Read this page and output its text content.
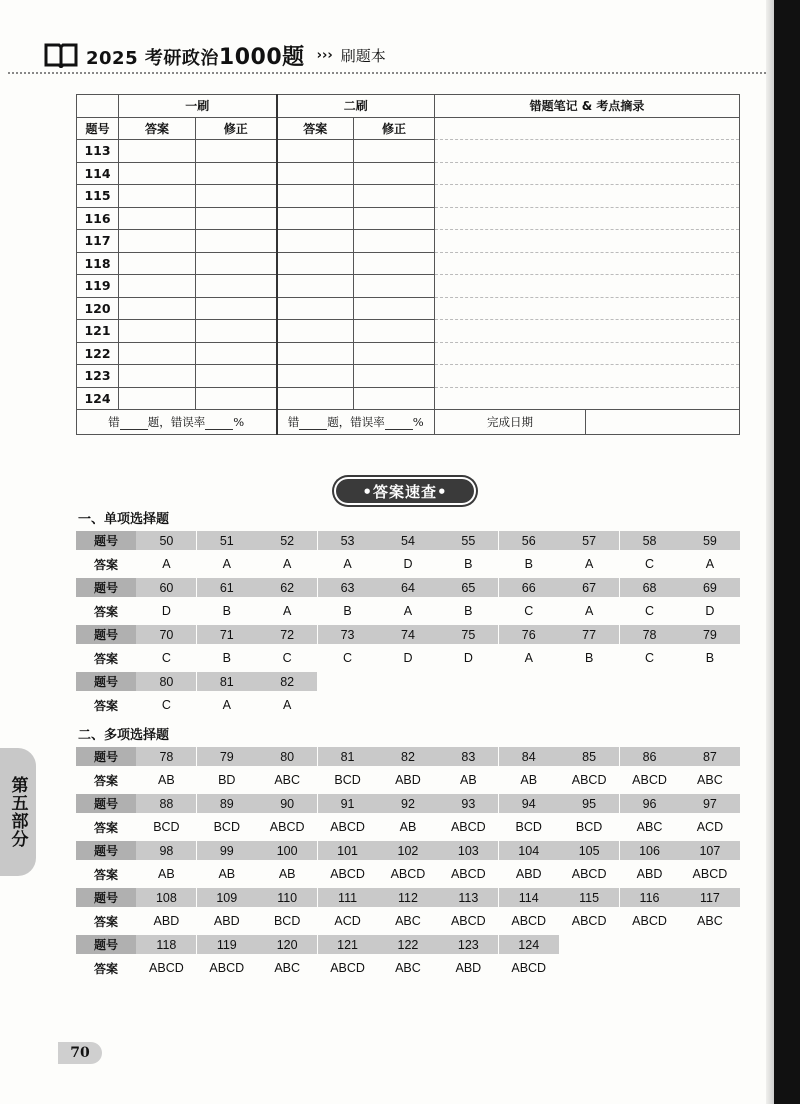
2025 考研政治1000题 ››› 刷题本
	一刷		二刷		错题笔记 & 考点摘录
题号	答案	修正	答案	修正	
113					
114					
115					
116					
117					
118					
119					
120					
121					
122					
123					
124					
错 题，错误率 %			错 题，错误率 %		完成日期
•答案速查•
一、单项选择题
题号	50	51	52	53	54	55	56	57	58	59
答案	A	A	A	A	D	B	B	A	C	A
题号	60	61	62	63	64	65	66	67	68	69
答案	D	B	A	B	A	B	C	A	C	D
题号	70	71	72	73	74	75	76	77	78	79
答案	C	B	C	C	D	D	A	B	C	B
题号	80	81	82
答案	C	A	A
二、多项选择题
题号	78	79	80	81	82	83	84	85	86	87
答案	AB	BD	ABC	BCD	ABD	AB	AB	ABCD	ABCD	ABC
题号	88	89	90	91	92	93	94	95	96	97
答案	BCD	BCD	ABCD	ABCD	AB	ABCD	BCD	BCD	ABC	ACD
题号	98	99	100	101	102	103	104	105	106	107
答案	AB	AB	AB	ABCD	ABCD	ABCD	ABD	ABCD	ABD	ABCD
题号	108	109	110	111	112	113	114	115	116	117
答案	ABD	ABD	BCD	ACD	ABC	ABCD	ABCD	ABCD	ABCD	ABC
题号	118	119	120	121	122	123	124
答案	ABCD	ABCD	ABC	ABCD	ABC	ABD	ABCD
第五部分
70
